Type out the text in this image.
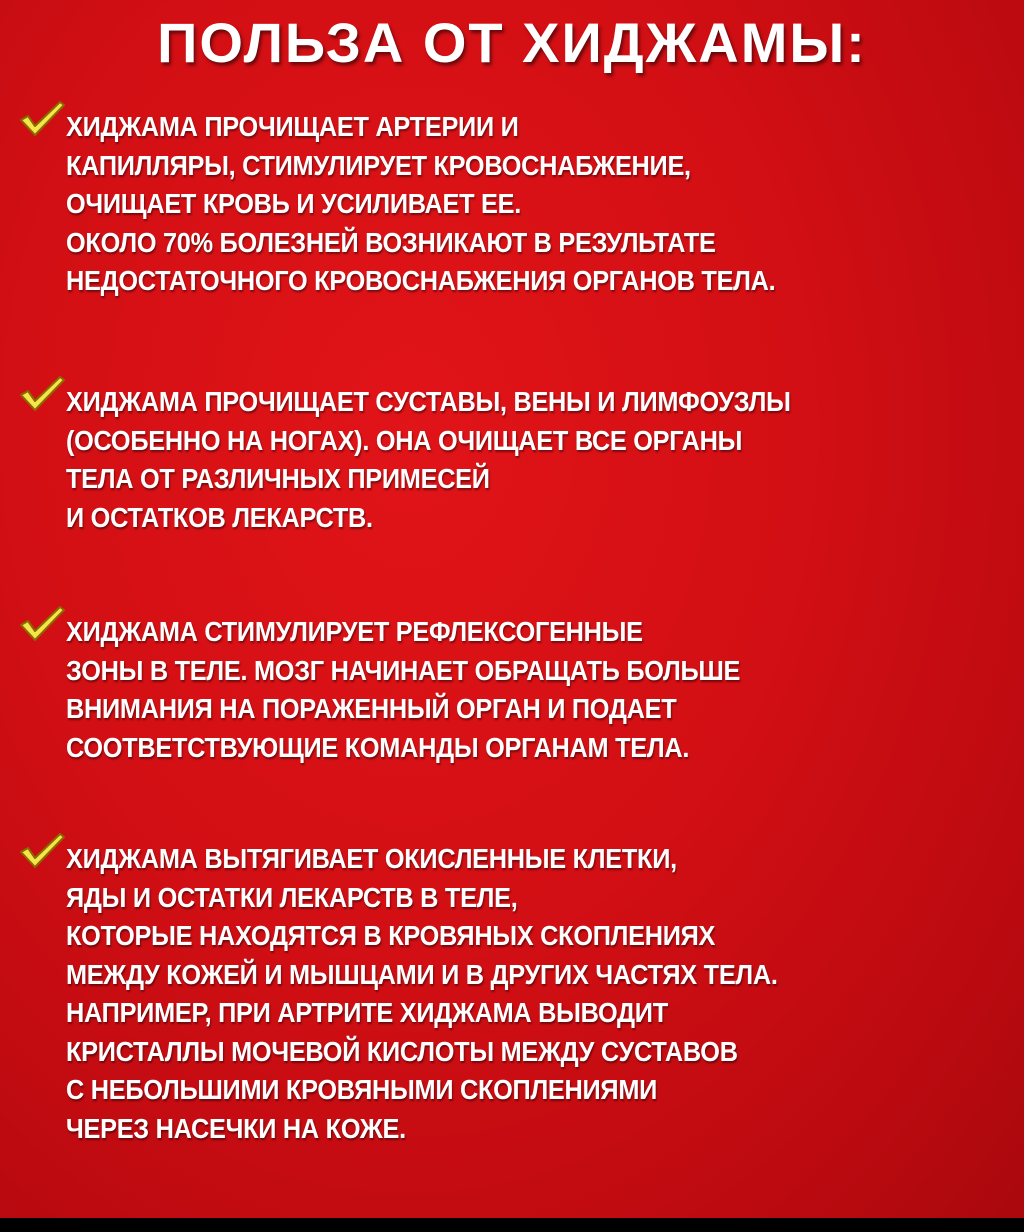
ПОЛЬЗА ОТ ХИДЖАМЫ:
ХИДЖАМА ПРОЧИЩАЕТ АРТЕРИИ И
КАПИЛЛЯРЫ, СТИМУЛИРУЕТ КРОВОСНАБЖЕНИЕ,
ОЧИЩАЕТ КРОВЬ И УСИЛИВАЕТ ЕЕ.
ОКОЛО 70% БОЛЕЗНЕЙ ВОЗНИКАЮТ В РЕЗУЛЬТАТЕ
НЕДОСТАТОЧНОГО КРОВОСНАБЖЕНИЯ ОРГАНОВ ТЕЛА.
ХИДЖАМА ПРОЧИЩАЕТ СУСТАВЫ, ВЕНЫ И ЛИМФОУЗЛЫ
(ОСОБЕННО НА НОГАХ). ОНА ОЧИЩАЕТ ВСЕ ОРГАНЫ
ТЕЛА ОТ РАЗЛИЧНЫХ ПРИМЕСЕЙ
И ОСТАТКОВ ЛЕКАРСТВ.
ХИДЖАМА СТИМУЛИРУЕТ РЕФЛЕКСОГЕННЫЕ
ЗОНЫ В ТЕЛЕ. МОЗГ НАЧИНАЕТ ОБРАЩАТЬ БОЛЬШЕ
ВНИМАНИЯ НА ПОРАЖЕННЫЙ ОРГАН И ПОДАЕТ
СООТВЕТСТВУЮЩИЕ КОМАНДЫ ОРГАНАМ ТЕЛА.
ХИДЖАМА ВЫТЯГИВАЕТ ОКИСЛЕННЫЕ КЛЕТКИ,
ЯДЫ И ОСТАТКИ ЛЕКАРСТВ В ТЕЛЕ,
КОТОРЫЕ НАХОДЯТСЯ В КРОВЯНЫХ СКОПЛЕНИЯХ
МЕЖДУ КОЖЕЙ И МЫШЦАМИ И В ДРУГИХ ЧАСТЯХ ТЕЛА.
НАПРИМЕР, ПРИ АРТРИТЕ ХИДЖАМА ВЫВОДИТ
КРИСТАЛЛЫ МОЧЕВОЙ КИСЛОТЫ МЕЖДУ СУСТАВОВ
С НЕБОЛЬШИМИ КРОВЯНЫМИ СКОПЛЕНИЯМИ
ЧЕРЕЗ НАСЕЧКИ НА КОЖЕ.
